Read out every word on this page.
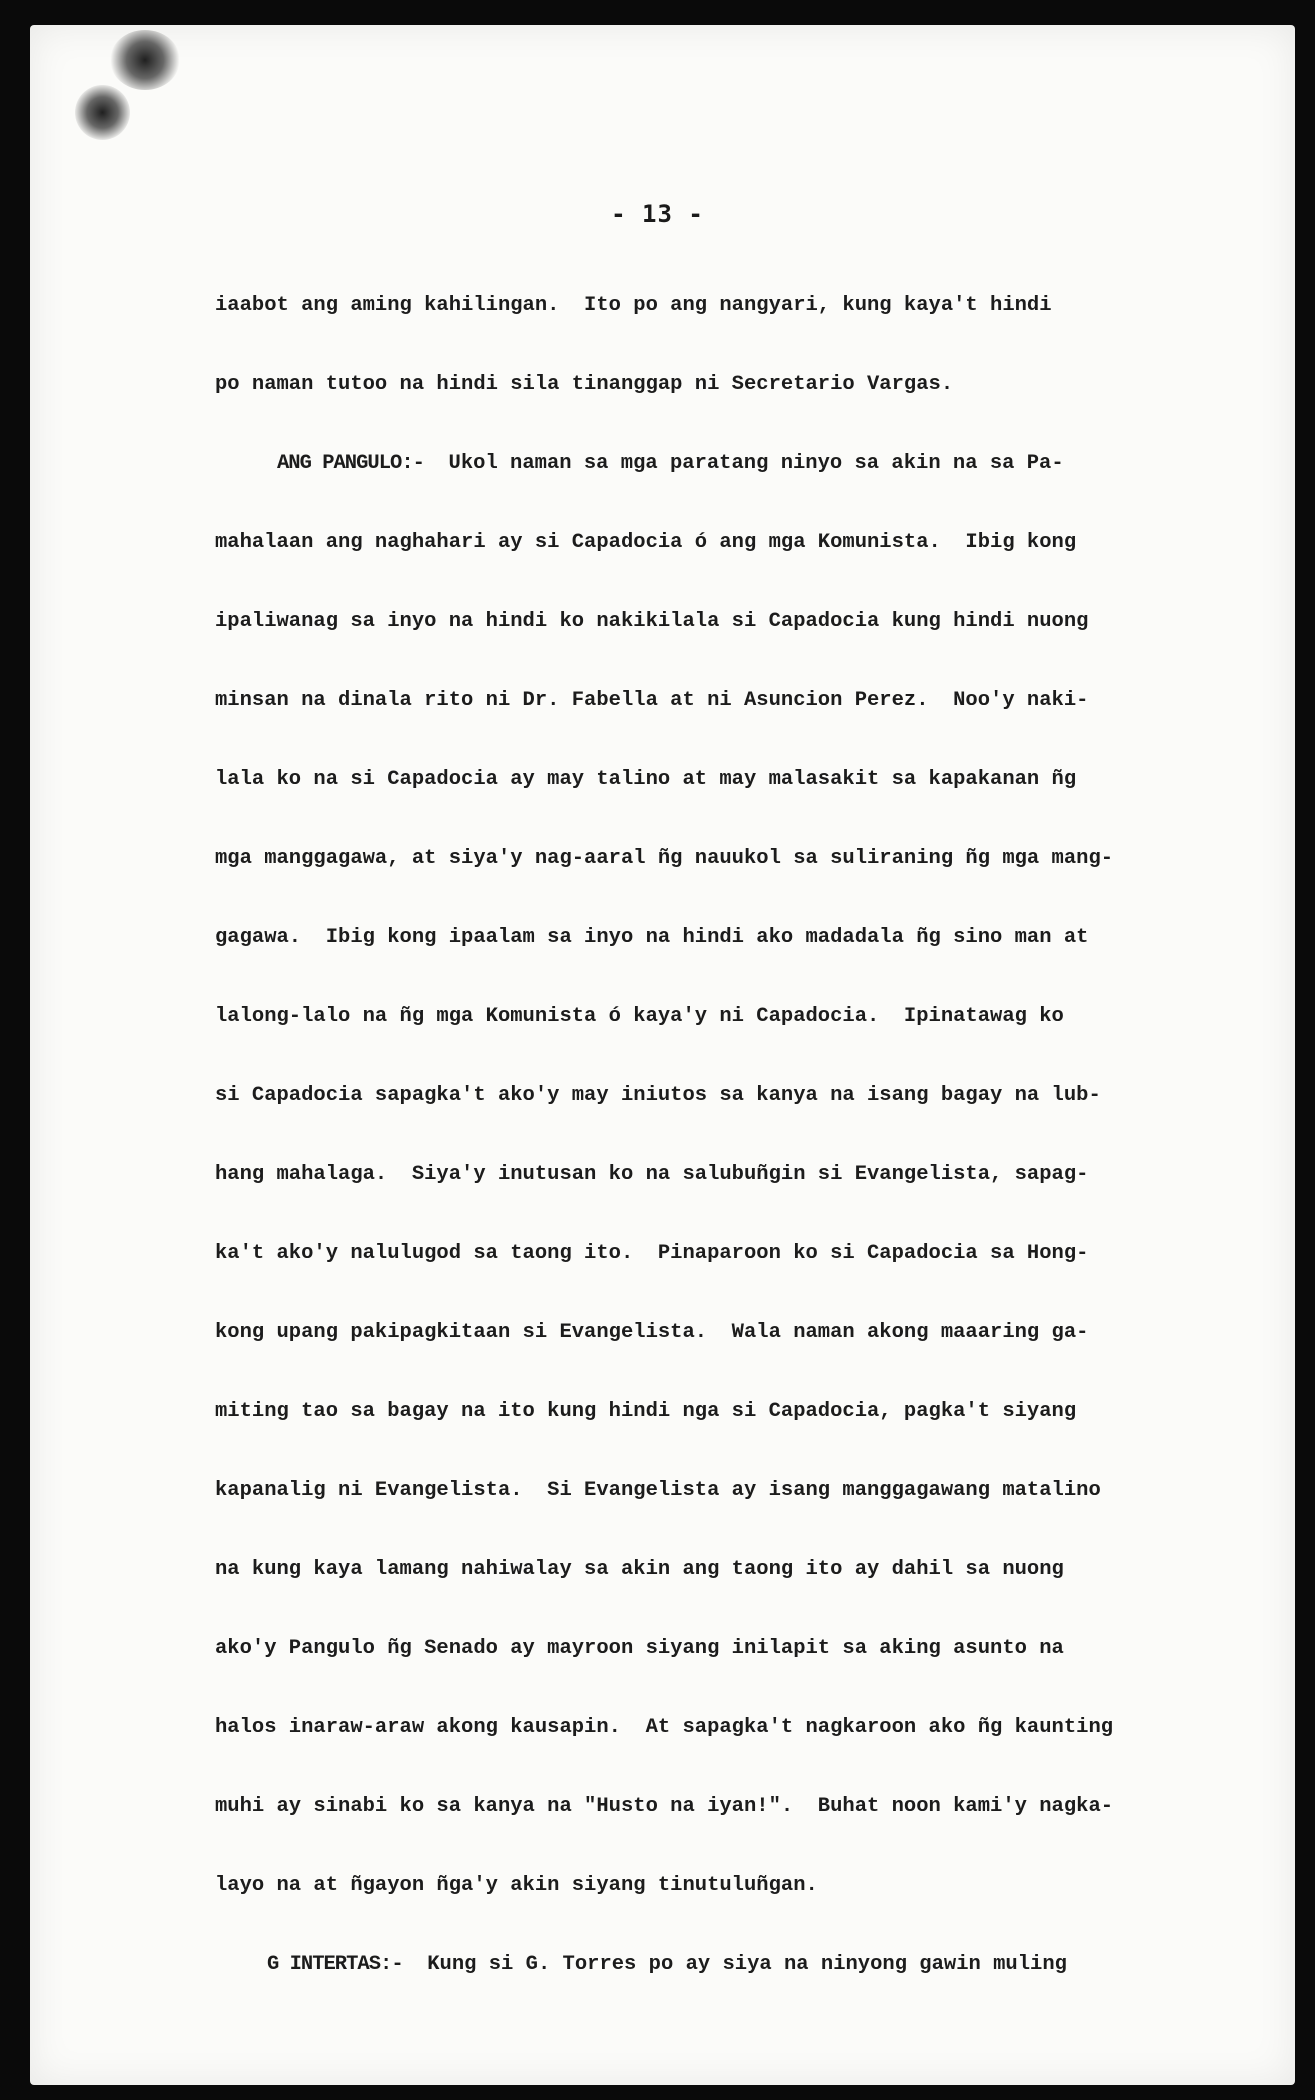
- 13 -
iaabot ang aming kahilingan.  Ito po ang nangyari, kung kaya't hindi
po naman tutoo na hindi sila tinanggap ni Secretario Vargas.
ANG PANGULO:-  Ukol naman sa mga paratang ninyo sa akin na sa Pa-
mahalaan ang naghahari ay si Capadocia ó ang mga Komunista.  Ibig kong
ipaliwanag sa inyo na hindi ko nakikilala si Capadocia kung hindi nuong
minsan na dinala rito ni Dr. Fabella at ni Asuncion Perez.  Noo'y naki-
lala ko na si Capadocia ay may talino at may malasakit sa kapakanan ñg
mga manggagawa, at siya'y nag-aaral ñg nauukol sa suliraning ñg mga mang-
gagawa.  Ibig kong ipaalam sa inyo na hindi ako madadala ñg sino man at
lalong-lalo na ñg mga Komunista ó kaya'y ni Capadocia.  Ipinatawag ko
si Capadocia sapagka't ako'y may iniutos sa kanya na isang bagay na lub-
hang mahalaga.  Siya'y inutusan ko na salubuñgin si Evangelista, sapag-
ka't ako'y nalulugod sa taong ito.  Pinaparoon ko si Capadocia sa Hong-
kong upang pakipagkitaan si Evangelista.  Wala naman akong maaaring ga-
miting tao sa bagay na ito kung hindi nga si Capadocia, pagka't siyang
kapanalig ni Evangelista.  Si Evangelista ay isang manggagawang matalino
na kung kaya lamang nahiwalay sa akin ang taong ito ay dahil sa nuong
ako'y Pangulo ñg Senado ay mayroon siyang inilapit sa aking asunto na
halos inaraw-araw akong kausapin.  At sapagka't nagkaroon ako ñg kaunting
muhi ay sinabi ko sa kanya na "Husto na iyan!".  Buhat noon kami'y nagka-
layo na at ñgayon ñga'y akin siyang tinutuluñgan.
G INTERTAS:-  Kung si G. Torres po ay siya na ninyong gawin muling
